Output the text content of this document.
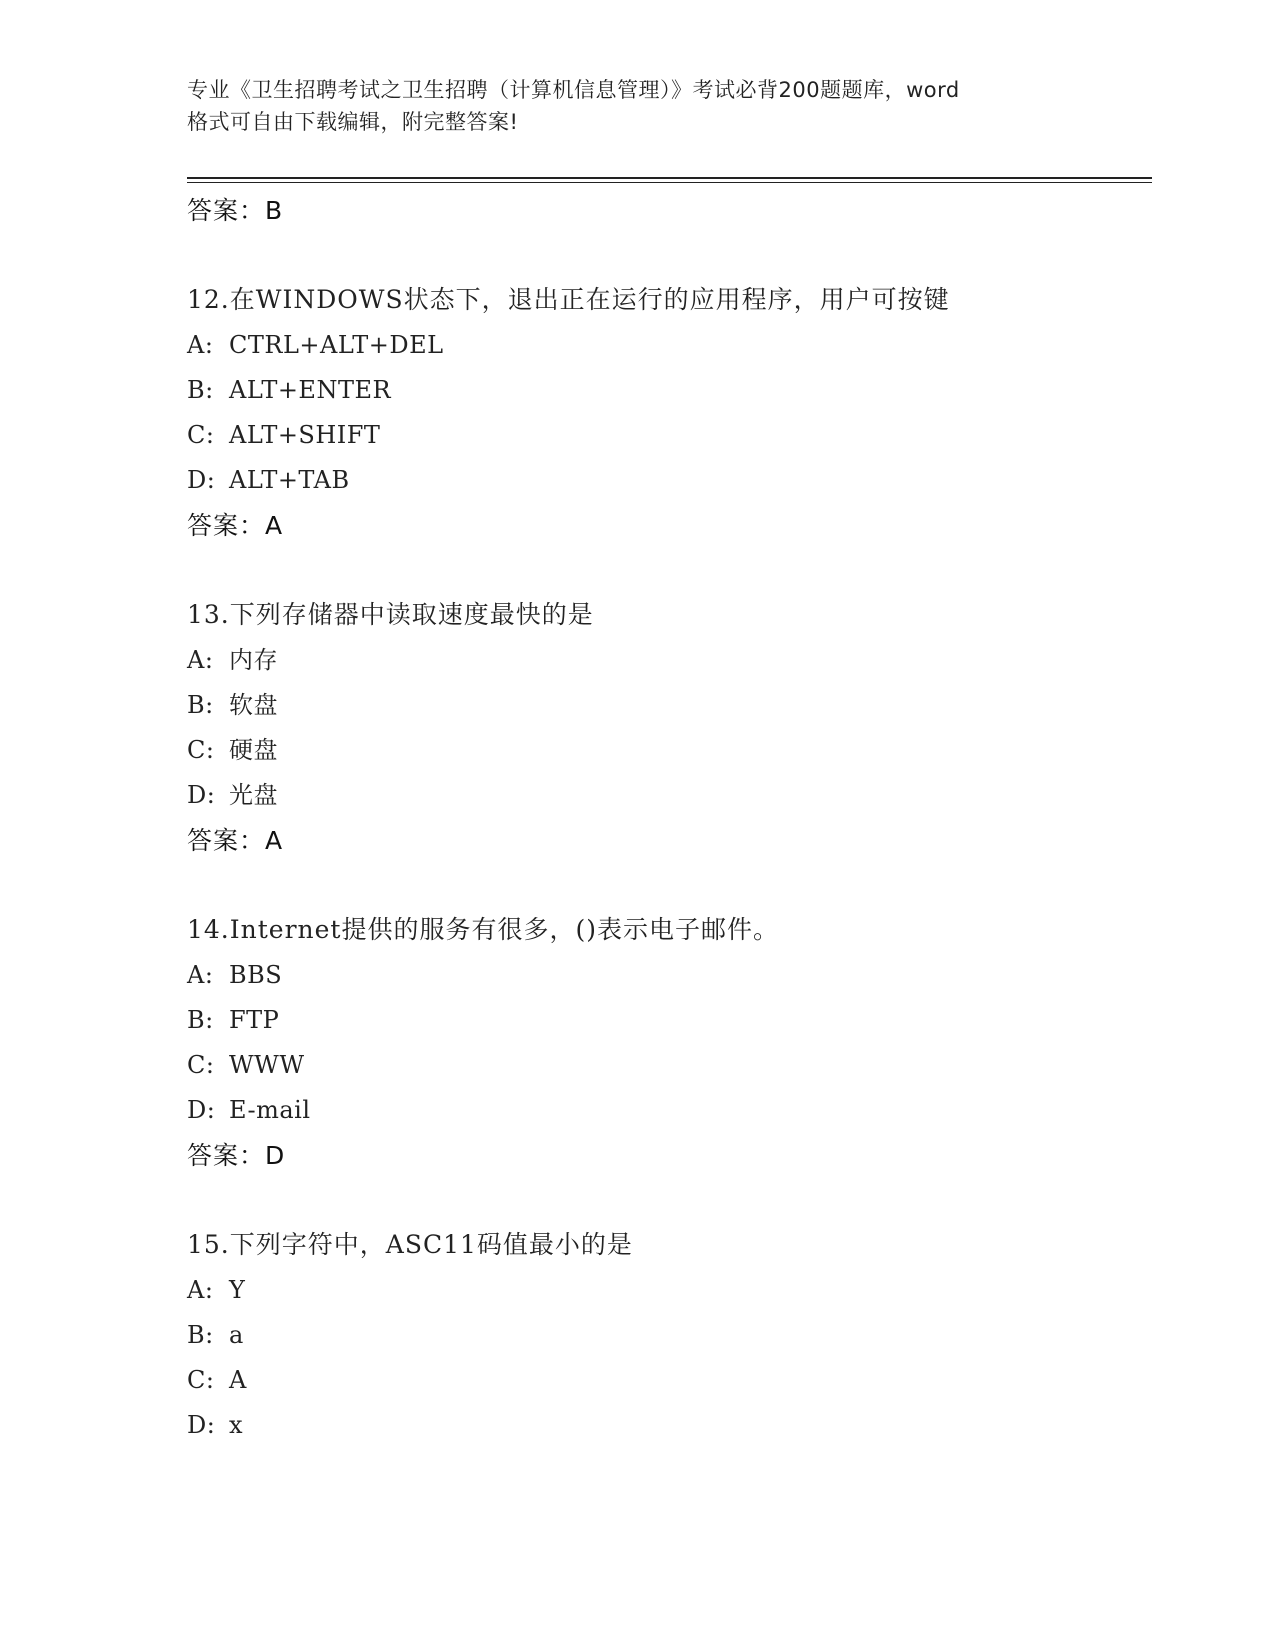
专业《卫生招聘考试之卫生招聘（计算机信息管理）》考试必背200题题库，word
格式可自由下载编辑，附完整答案!
答案：B
12.在WINDOWS状态下，退出正在运行的应用程序，用户可按键
A: CTRL+ALT+DEL
B: ALT+ENTER
C: ALT+SHIFT
D: ALT+TAB
答案：A
13.下列存储器中读取速度最快的是
A: 内存
B: 软盘
C: 硬盘
D: 光盘
答案：A
14.Internet提供的服务有很多，()表示电子邮件。
A: BBS
B: FTP
C: WWW
D: E-mail
答案：D
15.下列字符中，ASC11码值最小的是
A: Y
B: a
C: A
D: x
